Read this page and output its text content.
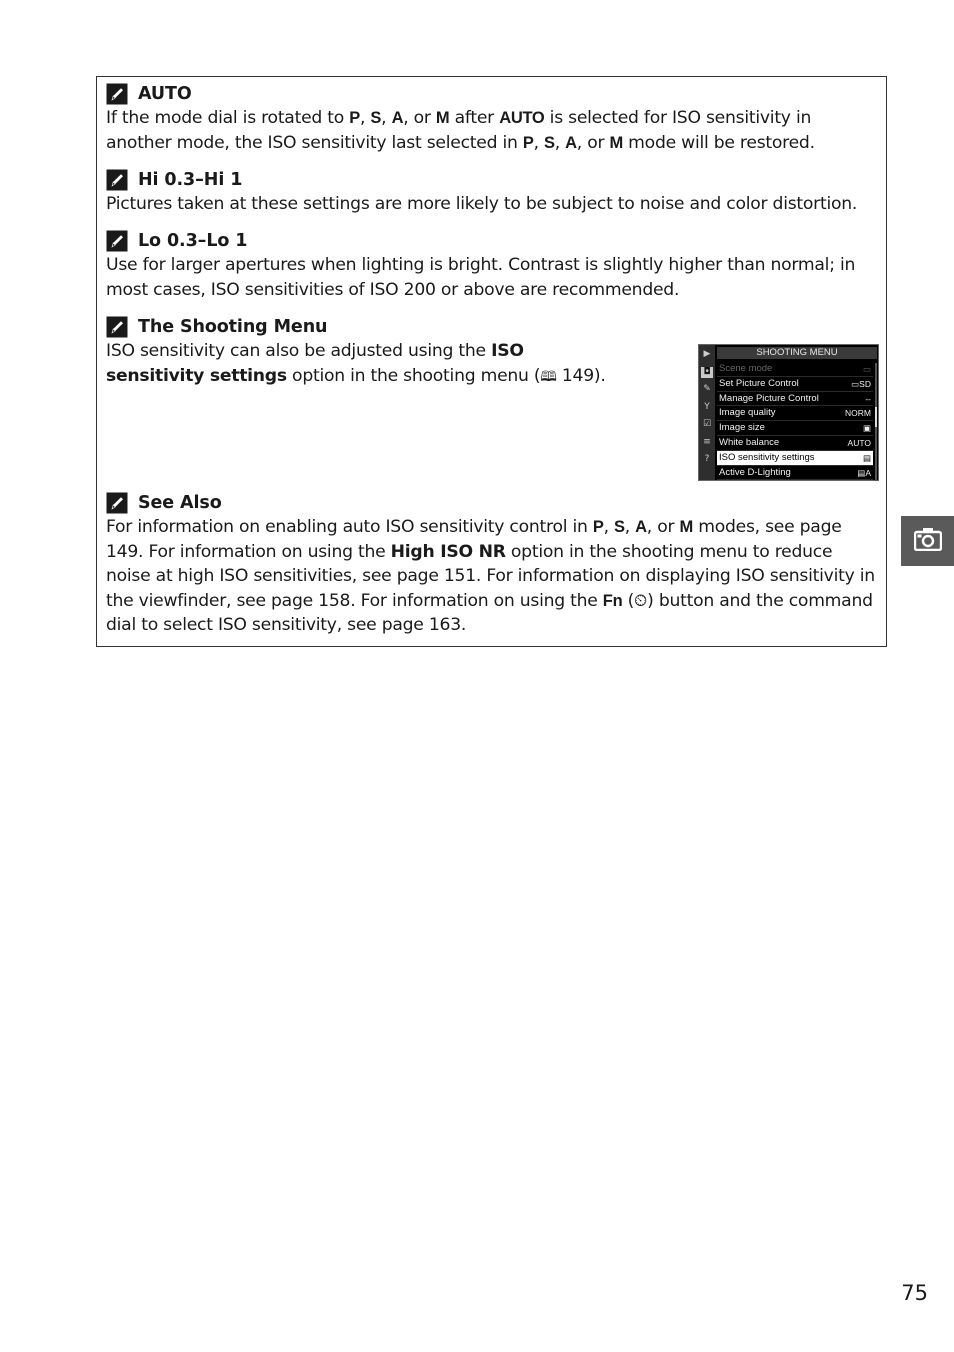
AUTO

If the mode dial is rotated to P, S, A, or M after AUTO is selected for ISO sensitivity in another mode, the ISO sensitivity last selected in P, S, A, or M mode will be restored.

Hi 0.3–Hi 1

Pictures taken at these settings are more likely to be subject to noise and color distortion.

Lo 0.3–Lo 1

Use for larger apertures when lighting is bright. Contrast is slightly higher than normal; in most cases, ISO sensitivities of ISO 200 or above are recommended.

The Shooting Menu

ISO sensitivity can also be adjusted using the ISO sensitivity settings option in the shooting menu (🕮 149).

▶
◘
✎
Y
☑
≡
?
SHOOTING MENU
Scene mode	▭
Set Picture Control	▭SD
Manage Picture Control	--
Image quality	NORM
Image size	▣
White balance	AUTO
ISO sensitivity settings	▤
Active D-Lighting	▤A
See Also

For information on enabling auto ISO sensitivity control in P, S, A, or M modes, see page 149. For information on using the High ISO NR option in the shooting menu to reduce noise at high ISO sensitivities, see page 151. For information on displaying ISO sensitivity in the viewfinder, see page 158. For information on using the Fn (⏲) button and the command dial to select ISO sensitivity, see page 163.

75
